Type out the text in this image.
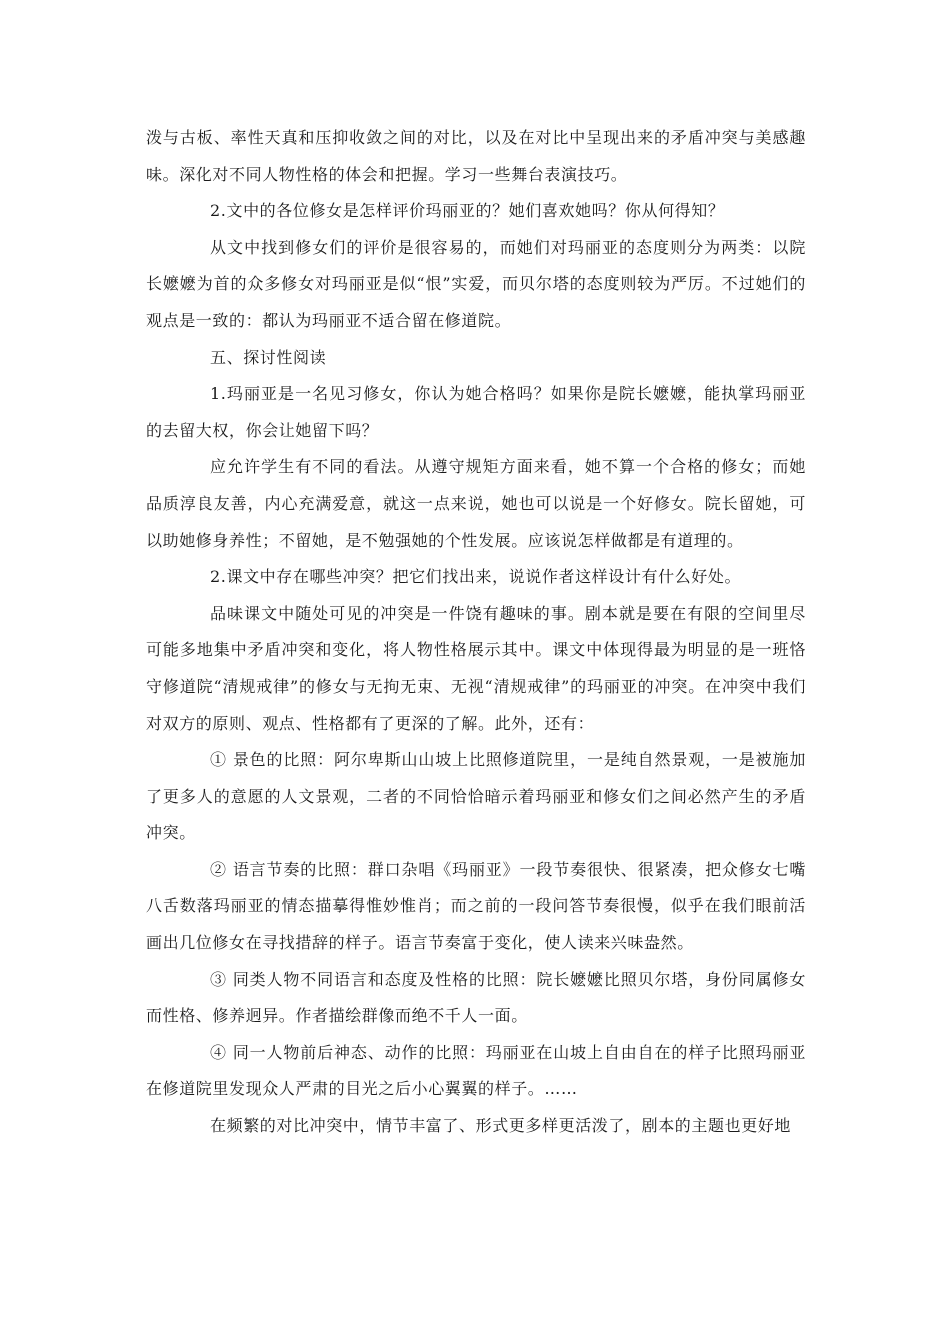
泼与古板、率性天真和压抑收敛之间的对比，以及在对比中呈现出来的矛盾冲突与美感趣味。深化对不同人物性格的体会和把握。学习一些舞台表演技巧。

2.文中的各位修女是怎样评价玛丽亚的？她们喜欢她吗？你从何得知？

从文中找到修女们的评价是很容易的，而她们对玛丽亚的态度则分为两类：以院长嬷嬷为首的众多修女对玛丽亚是似“恨”实爱，而贝尔塔的态度则较为严厉。不过她们的观点是一致的：都认为玛丽亚不适合留在修道院。

五、探讨性阅读

1.玛丽亚是一名见习修女，你认为她合格吗？如果你是院长嬷嬷，能执掌玛丽亚的去留大权，你会让她留下吗？

应允许学生有不同的看法。从遵守规矩方面来看，她不算一个合格的修女；而她品质淳良友善，内心充满爱意，就这一点来说，她也可以说是一个好修女。院长留她，可以助她修身养性；不留她，是不勉强她的个性发展。应该说怎样做都是有道理的。

2.课文中存在哪些冲突？把它们找出来，说说作者这样设计有什么好处。

品味课文中随处可见的冲突是一件饶有趣味的事。剧本就是要在有限的空间里尽可能多地集中矛盾冲突和变化，将人物性格展示其中。课文中体现得最为明显的是一班恪守修道院“清规戒律”的修女与无拘无束、无视“清规戒律”的玛丽亚的冲突。在冲突中我们对双方的原则、观点、性格都有了更深的了解。此外，还有：

① 景色的比照：阿尔卑斯山山坡上比照修道院里，一是纯自然景观，一是被施加了更多人的意愿的人文景观，二者的不同恰恰暗示着玛丽亚和修女们之间必然产生的矛盾冲突。

② 语言节奏的比照：群口杂唱《玛丽亚》一段节奏很快、很紧凑，把众修女七嘴八舌数落玛丽亚的情态描摹得惟妙惟肖；而之前的一段问答节奏很慢，似乎在我们眼前活画出几位修女在寻找措辞的样子。语言节奏富于变化，使人读来兴味盎然。

③ 同类人物不同语言和态度及性格的比照：院长嬷嬷比照贝尔塔，身份同属修女而性格、修养迥异。作者描绘群像而绝不千人一面。

④ 同一人物前后神态、动作的比照：玛丽亚在山坡上自由自在的样子比照玛丽亚在修道院里发现众人严肃的目光之后小心翼翼的样子。……

在频繁的对比冲突中，情节丰富了、形式更多样更活泼了，剧本的主题也更好地
